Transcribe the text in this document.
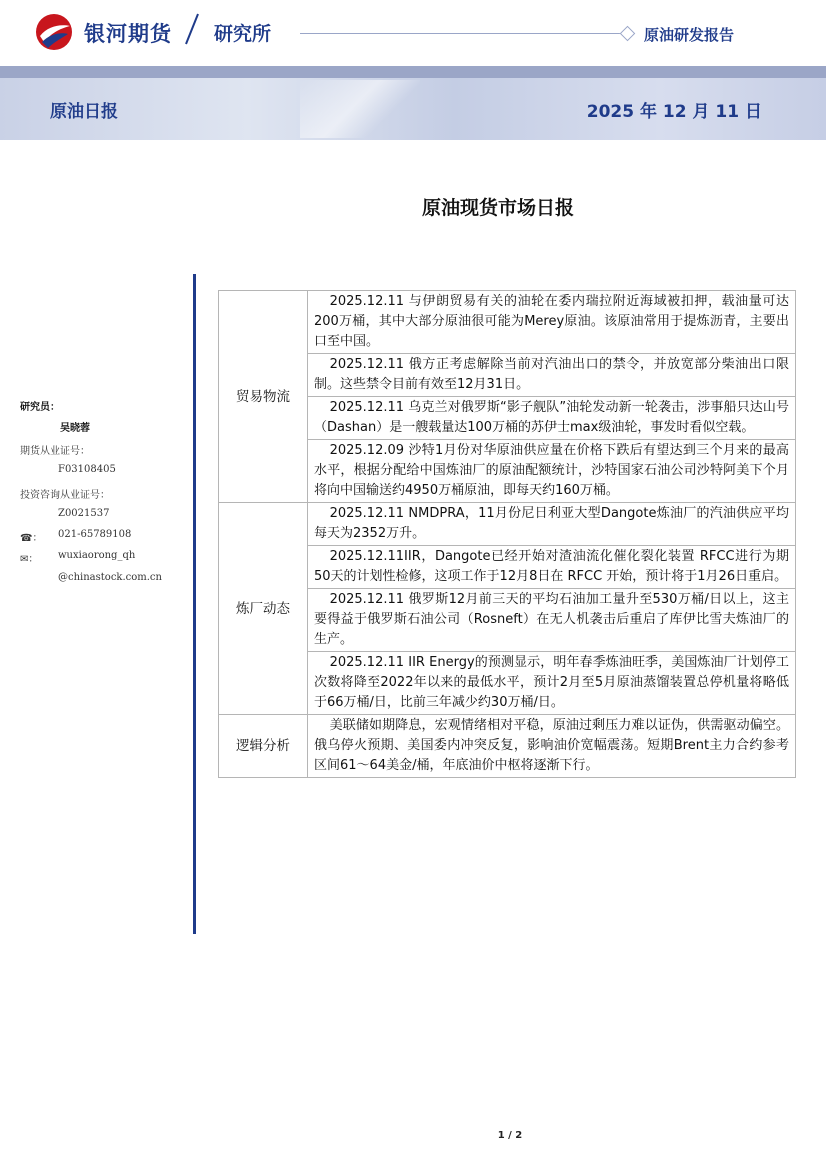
银河期货 研究所	原油研发报告
原油日报	2025 年 12 月 11 日
原油现货市场日报
研究员：
吴晓蓉
期货从业证号：
F03108405
投资咨询从业证号：
Z0021537
☎： 021-65789108
✉： wuxiaorong_qh
@chinastock.com.cn
贸易物流	2025.12.11 与伊朗贸易有关的油轮在委内瑞拉附近海域被扣押，载油量可达200万桶，其中大部分原油很可能为Merey原油。该原油常用于提炼沥青，主要出口至中国。
	2025.12.11 俄方正考虑解除当前对汽油出口的禁令，并放宽部分柴油出口限制。这些禁令目前有效至12月31日。
	2025.12.11 乌克兰对俄罗斯“影子舰队”油轮发动新一轮袭击，涉事船只达山号（Dashan）是一艘载量达100万桶的苏伊士max级油轮，事发时看似空载。
	2025.12.09 沙特1月份对华原油供应量在价格下跌后有望达到三个月来的最高水平，根据分配给中国炼油厂的原油配额统计，沙特国家石油公司沙特阿美下个月将向中国输送约4950万桶原油，即每天约160万桶。
炼厂动态	2025.12.11 NMDPRA，11月份尼日利亚大型Dangote炼油厂的汽油供应平均每天为2352万升。
	2025.12.11IIR，Dangote已经开始对渣油流化催化裂化装置 RFCC进行为期50天的计划性检修，这项工作于12月8日在 RFCC 开始，预计将于1月26日重启。
	2025.12.11 俄罗斯12月前三天的平均石油加工量升至530万桶/日以上，这主要得益于俄罗斯石油公司（Rosneft）在无人机袭击后重启了库伊比雪夫炼油厂的生产。
	2025.12.11 IIR Energy的预测显示，明年春季炼油旺季，美国炼油厂计划停工次数将降至2022年以来的最低水平，预计2月至5月原油蒸馏装置总停机量将略低于66万桶/日，比前三年减少约30万桶/日。
逻辑分析	美联储如期降息，宏观情绪相对平稳，原油过剩压力难以证伪，供需驱动偏空。俄乌停火预期、美国委内冲突反复，影响油价宽幅震荡。短期Brent主力合约参考区间61～64美金/桶，年底油价中枢将逐渐下行。
1 / 2
